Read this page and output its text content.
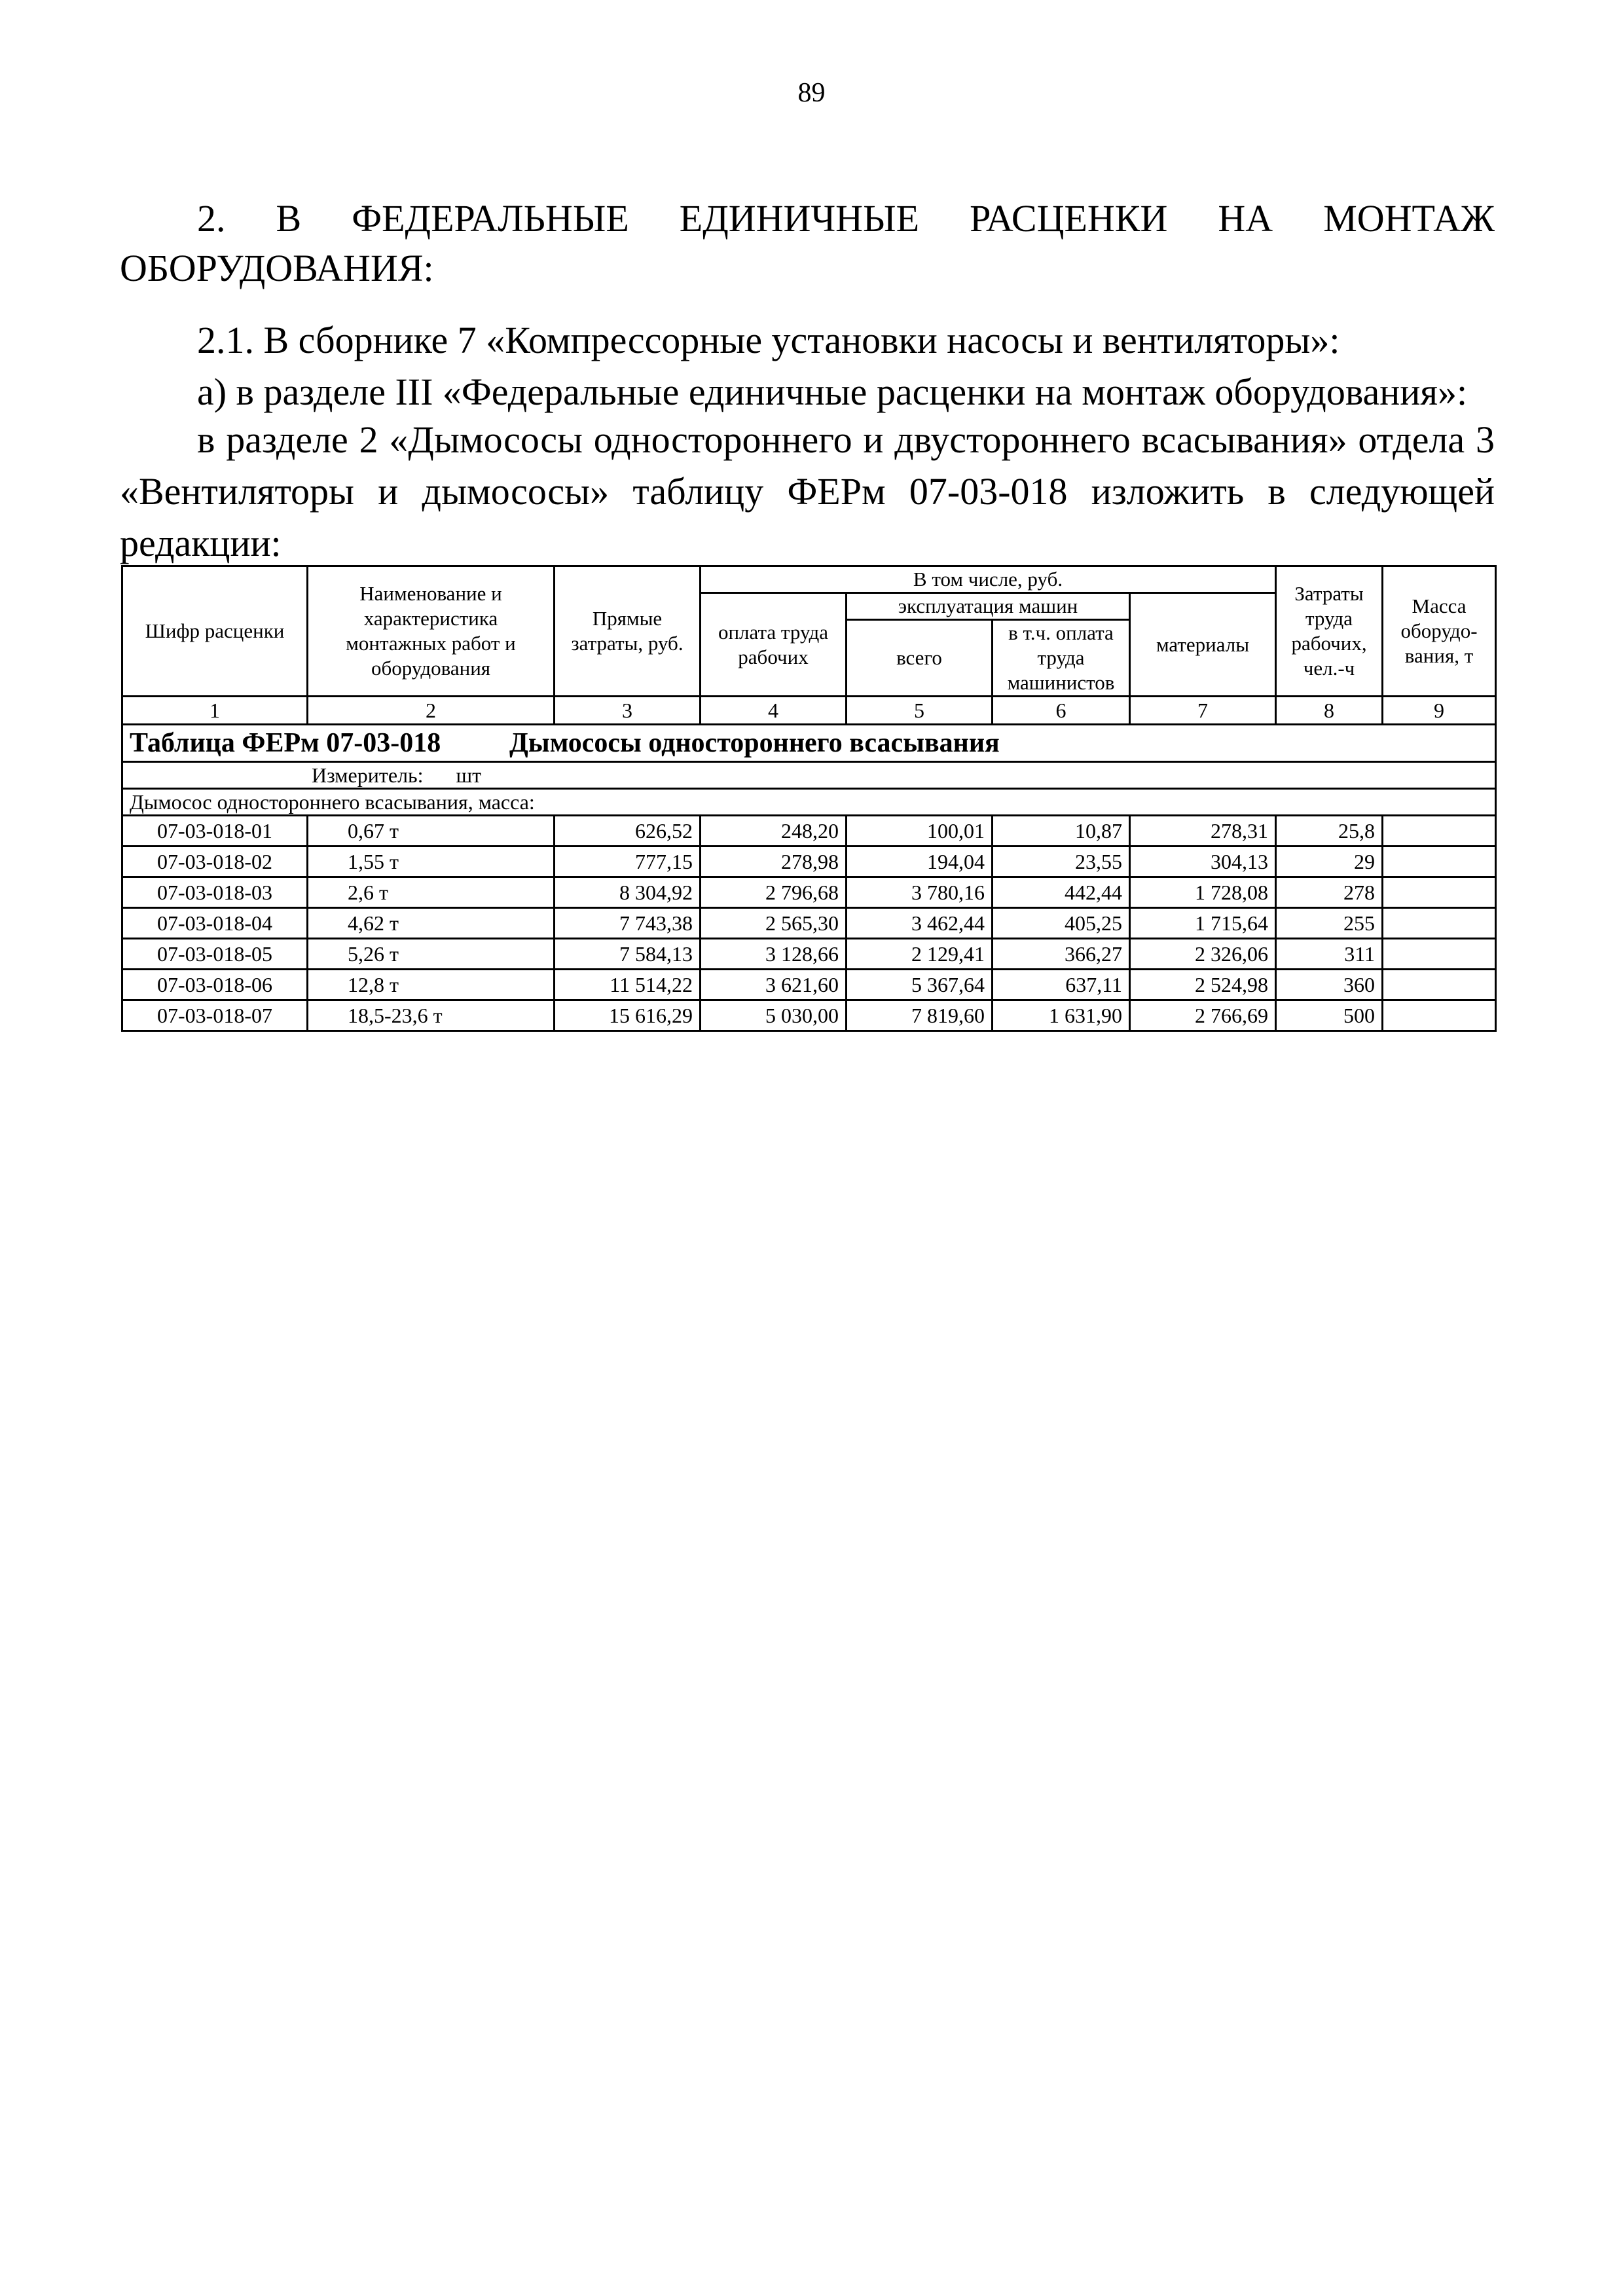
89
2. В ФЕДЕРАЛЬНЫЕ ЕДИНИЧНЫЕ РАСЦЕНКИ НА МОНТАЖ
ОБОРУДОВАНИЯ:
2.1. В сборнике 7 «Компрессорные установки насосы и вентиляторы»:
а) в разделе III «Федеральные единичные расценки на монтаж оборудования»:
в разделе 2 «Дымососы одностороннего и двустороннего всасывания» отдела 3 «Вентиляторы и дымососы» таблицу ФЕРм 07-03-018 изложить в следующей редакции:
Шифр расценки	Наименование и характеристика монтажных работ и оборудования	Прямые затраты, руб.	В том числе, руб.				Затраты труда рабочих, чел.-ч	Масса оборудо-вания, т
			оплата труда рабочих	эксплуатация машин		материалы		
				всего	в т.ч. оплата труда машинистов			
1	2	3	4	5	6	7	8	9
Таблица ФЕРм 07-03-018 Дымососы одностороннего всасывания								
Измеритель: шт								
Дымосос одностороннего всасывания, масса:								
07-03-018-01	0,67 т	626,52	248,20	100,01	10,87	278,31	25,8	
07-03-018-02	1,55 т	777,15	278,98	194,04	23,55	304,13	29	
07-03-018-03	2,6 т	8 304,92	2 796,68	3 780,16	442,44	1 728,08	278	
07-03-018-04	4,62 т	7 743,38	2 565,30	3 462,44	405,25	1 715,64	255	
07-03-018-05	5,26 т	7 584,13	3 128,66	2 129,41	366,27	2 326,06	311	
07-03-018-06	12,8 т	11 514,22	3 621,60	5 367,64	637,11	2 524,98	360	
07-03-018-07	18,5-23,6 т	15 616,29	5 030,00	7 819,60	1 631,90	2 766,69	500	
